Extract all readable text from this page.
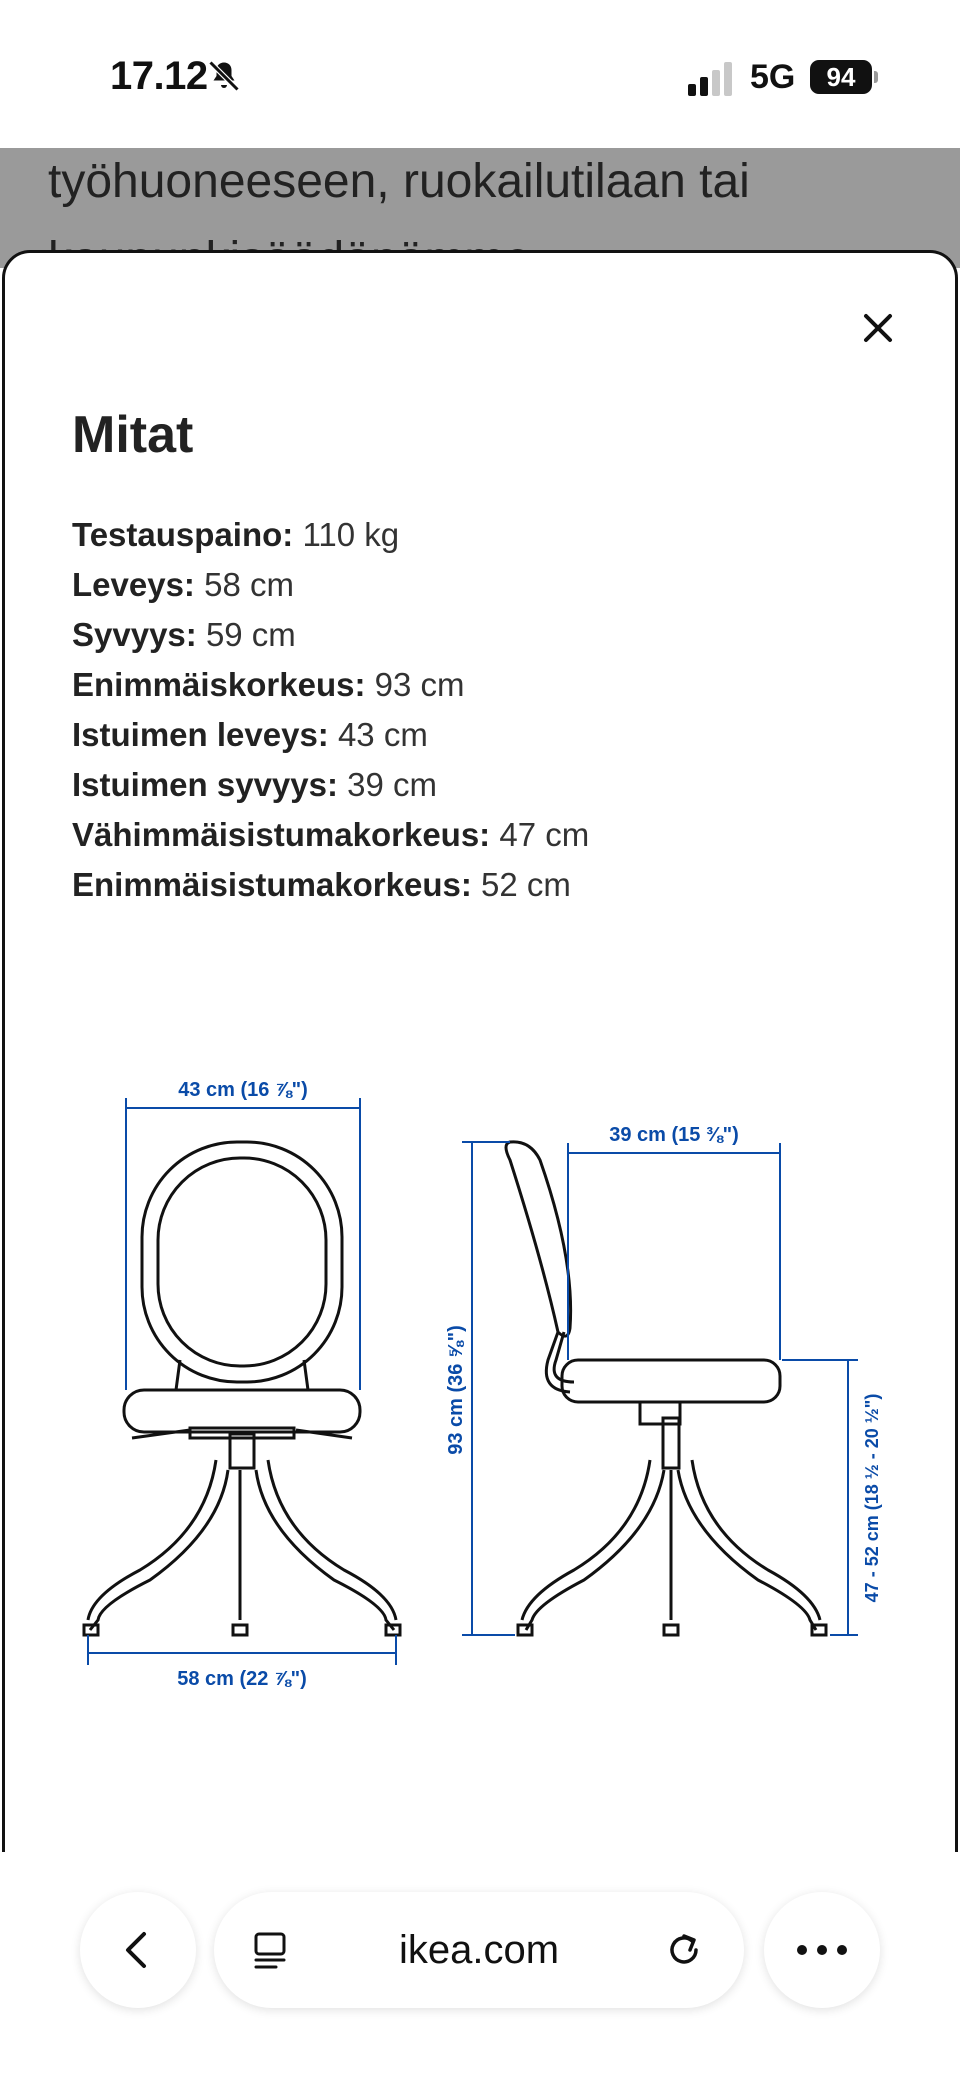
17.12	5G	94
työhuoneeseen, ruokailutilaan tai
Mitat
Testauspaino: 110 kg
Leveys: 58 cm
Syvyys: 59 cm
Enimmäiskorkeus: 93 cm
Istuimen leveys: 43 cm
Istuimen syvyys: 39 cm
Vähimmäisistumakorkeus: 47 cm
Enimmäisistumakorkeus: 52 cm
43 cm (16 ⅞")
58 cm (22 ⅞")
39 cm (15 ⅜")
93 cm (36 ⅝")
47 - 52 cm (18 ½ - 20 ½")
ikea.com
